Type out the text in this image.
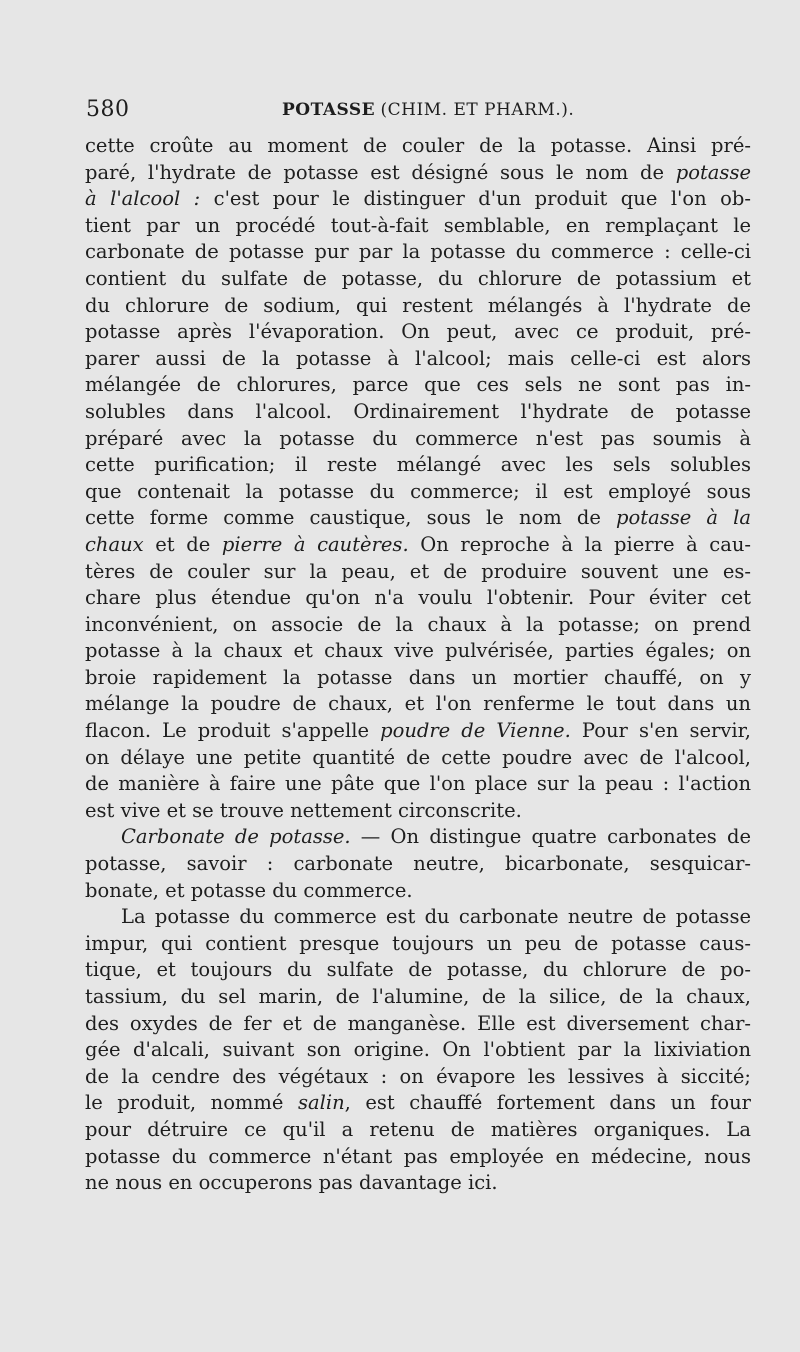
580	POTASSE (CHIM. ET PHARM.).
cette croûte au moment de couler de la potasse. Ainsi pré-
paré, l'hydrate de potasse est désigné sous le nom de potasse
à l'alcool : c'est pour le distinguer d'un produit que l'on ob-
tient par un procédé tout-à-fait semblable, en remplaçant le
carbonate de potasse pur par la potasse du commerce : celle-ci
contient du sulfate de potasse, du chlorure de potassium et
du chlorure de sodium, qui restent mélangés à l'hydrate de
potasse après l'évaporation. On peut, avec ce produit, pré-
parer aussi de la potasse à l'alcool; mais celle-ci est alors
mélangée de chlorures, parce que ces sels ne sont pas in-
solubles dans l'alcool. Ordinairement l'hydrate de potasse
préparé avec la potasse du commerce n'est pas soumis à
cette purification; il reste mélangé avec les sels solubles
que contenait la potasse du commerce; il est employé sous
cette forme comme caustique, sous le nom de potasse à la
chaux et de pierre à cautères. On reproche à la pierre à cau-
tères de couler sur la peau, et de produire souvent une es-
chare plus étendue qu'on n'a voulu l'obtenir. Pour éviter cet
inconvénient, on associe de la chaux à la potasse; on prend
potasse à la chaux et chaux vive pulvérisée, parties égales; on
broie rapidement la potasse dans un mortier chauffé, on y
mélange la poudre de chaux, et l'on renferme le tout dans un
flacon. Le produit s'appelle poudre de Vienne. Pour s'en servir,
on délaye une petite quantité de cette poudre avec de l'alcool,
de manière à faire une pâte que l'on place sur la peau : l'action
est vive et se trouve nettement circonscrite.
Carbonate de potasse. — On distingue quatre carbonates de
potasse, savoir : carbonate neutre, bicarbonate, sesquicar-
bonate, et potasse du commerce.
La potasse du commerce est du carbonate neutre de potasse
impur, qui contient presque toujours un peu de potasse caus-
tique, et toujours du sulfate de potasse, du chlorure de po-
tassium, du sel marin, de l'alumine, de la silice, de la chaux,
des oxydes de fer et de manganèse. Elle est diversement char-
gée d'alcali, suivant son origine. On l'obtient par la lixiviation
de la cendre des végétaux : on évapore les lessives à siccité;
le produit, nommé salin, est chauffé fortement dans un four
pour détruire ce qu'il a retenu de matières organiques. La
potasse du commerce n'étant pas employée en médecine, nous
ne nous en occuperons pas davantage ici.
